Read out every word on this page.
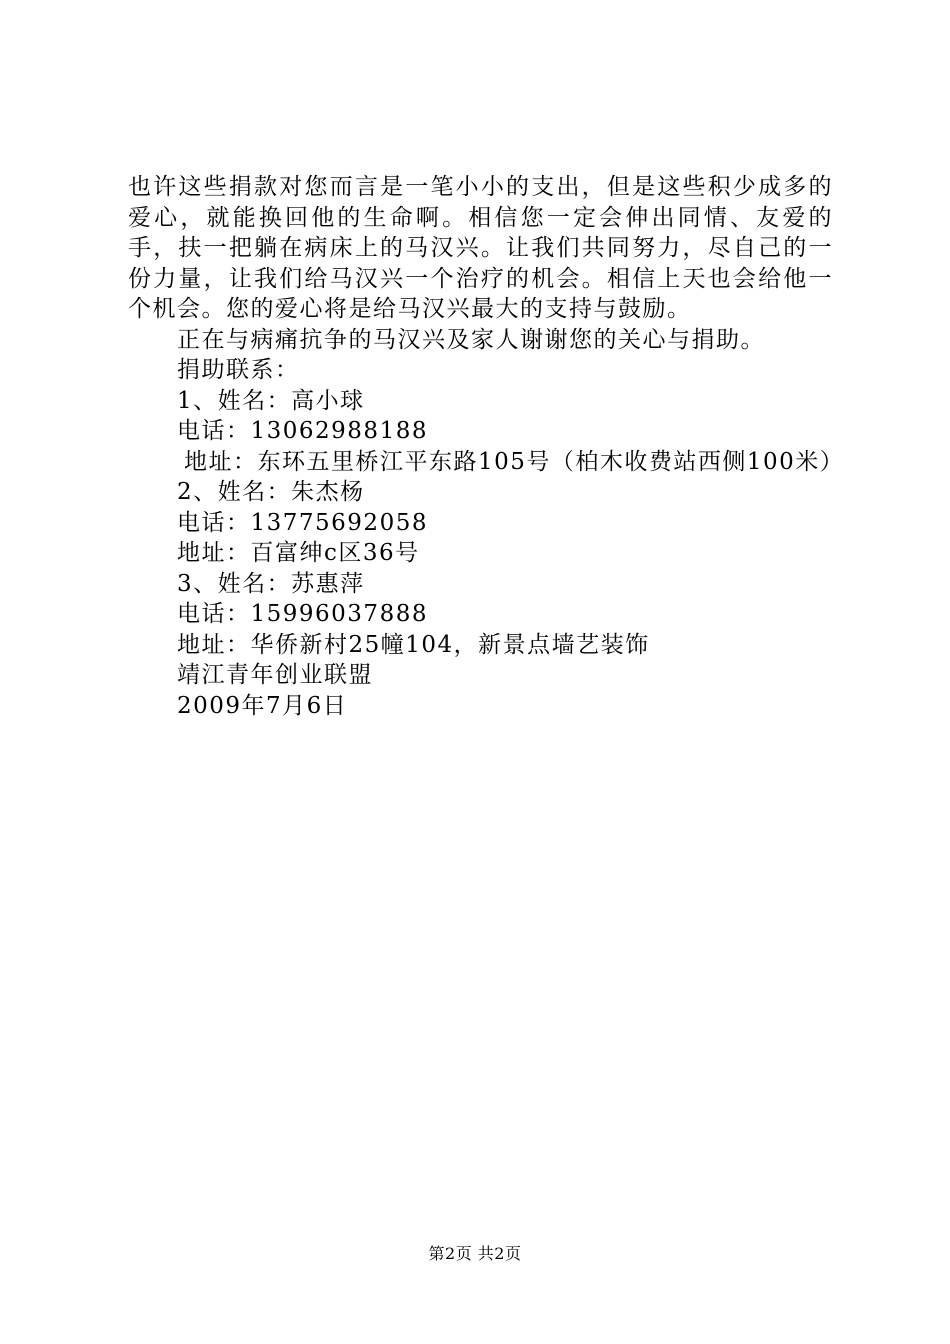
也许这些捐款对您而言是一笔小小的支出，但是这些积少成多的爱心，就能换回他的生命啊。相信您一定会伸出同情、友爱的手，扶一把躺在病床上的马汉兴。让我们共同努力，尽自己的一份力量，让我们给马汉兴一个治疗的机会。相信上天也会给他一个机会。您的爱心将是给马汉兴最大的支持与鼓励。

正在与病痛抗争的马汉兴及家人谢谢您的关心与捐助。

捐助联系：

1、姓名：高小球

电话：13062988188

地址：东环五里桥江平东路105号（柏木收费站西侧100米）

2、姓名：朱杰杨

电话：13775692058

地址：百富绅c区36号

3、姓名：苏惠萍

电话：15996037888

地址：华侨新村25幢104，新景点墙艺装饰

靖江青年创业联盟

2009年7月6日

第2页 共2页
